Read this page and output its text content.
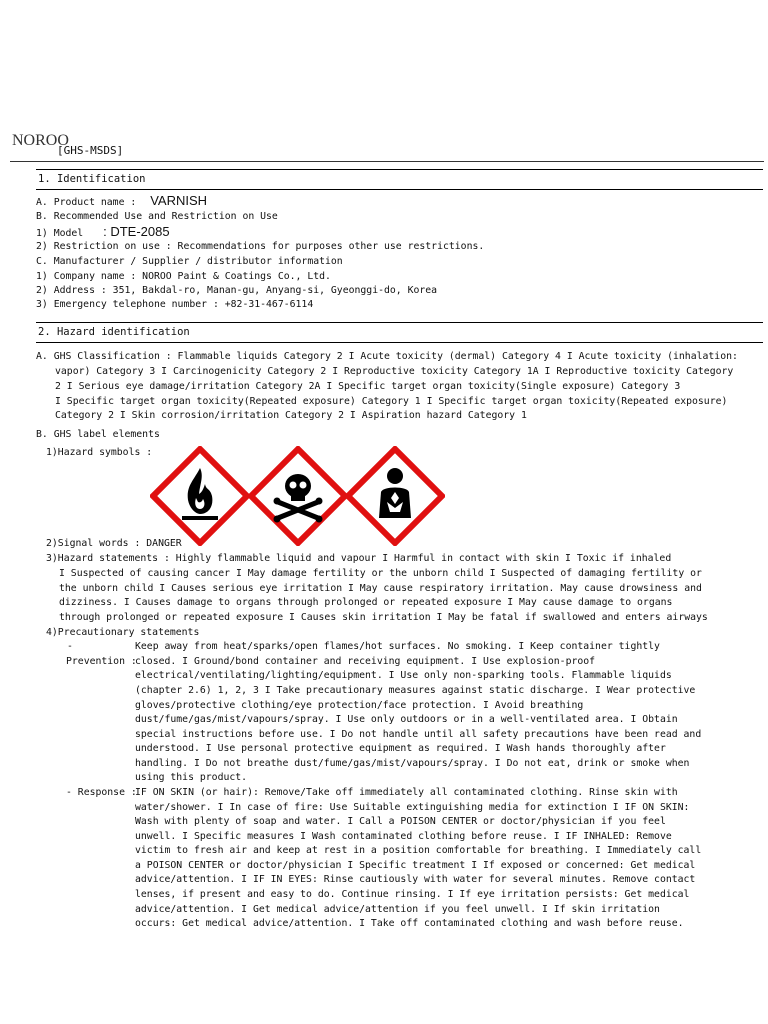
NOROO
[GHS-MSDS]
1. Identification
A. Product name : VARNISH
B. Recommended Use and Restriction on Use
1) Model : DTE-2085
2) Restriction on use : Recommendations for purposes other use restrictions.
C. Manufacturer / Supplier / distributor information
1) Company name : NOROO Paint & Coatings Co., Ltd.
2) Address : 351, Bakdal-ro, Manan-gu, Anyang-si, Gyeonggi-do, Korea
3) Emergency telephone number : +82-31-467-6114
2. Hazard identification
A. GHS Classification : Flammable liquids Category 2 I Acute toxicity (dermal) Category 4 I Acute toxicity (inhalation:
vapor) Category 3 I Carcinogenicity Category 2 I Reproductive toxicity Category 1A I Reproductive toxicity Category
2 I Serious eye damage/irritation Category 2A I Specific target organ toxicity(Single exposure) Category 3
I Specific target organ toxicity(Repeated exposure) Category 1 I Specific target organ toxicity(Repeated exposure)
Category 2 I Skin corrosion/irritation Category 2 I Aspiration hazard Category 1
B. GHS label elements
1)Hazard symbols :
2)Signal words : DANGER
3)Hazard statements : Highly flammable liquid and vapour I Harmful in contact with skin I Toxic if inhaled
I Suspected of causing cancer I May damage fertility or the unborn child I Suspected of damaging fertility or
the unborn child I Causes serious eye irritation I May cause respiratory irritation. May cause drowsiness and
dizziness. I Causes damage to organs through prolonged or repeated exposure I May cause damage to organs
through prolonged or repeated exposure I Causes skin irritation I May be fatal if swallowed and enters airways
4)Precautionary statements
-
Prevention :
Keep away from heat/sparks/open flames/hot surfaces. No smoking. I Keep container tightly
closed. I Ground/bond container and receiving equipment. I Use explosion-proof
electrical/ventilating/lighting/equipment. I Use only non-sparking tools. Flammable liquids
(chapter 2.6) 1, 2, 3 I Take precautionary measures against static discharge. I Wear protective
gloves/protective clothing/eye protection/face protection. I Avoid breathing
dust/fume/gas/mist/vapours/spray. I Use only outdoors or in a well-ventilated area. I Obtain
special instructions before use. I Do not handle until all safety precautions have been read and
understood. I Use personal protective equipment as required. I Wash hands thoroughly after
handling. I Do not breathe dust/fume/gas/mist/vapours/spray. I Do not eat, drink or smoke when
using this product.
- Response :
IF ON SKIN (or hair): Remove/Take off immediately all contaminated clothing. Rinse skin with
water/shower. I In case of fire: Use Suitable extinguishing media for extinction I IF ON SKIN:
Wash with plenty of soap and water. I Call a POISON CENTER or doctor/physician if you feel
unwell. I Specific measures I Wash contaminated clothing before reuse. I IF INHALED: Remove
victim to fresh air and keep at rest in a position comfortable for breathing. I Immediately call
a POISON CENTER or doctor/physician I Specific treatment I If exposed or concerned: Get medical
advice/attention. I IF IN EYES: Rinse cautiously with water for several minutes. Remove contact
lenses, if present and easy to do. Continue rinsing. I If eye irritation persists: Get medical
advice/attention. I Get medical advice/attention if you feel unwell. I If skin irritation
occurs: Get medical advice/attention. I Take off contaminated clothing and wash before reuse.
